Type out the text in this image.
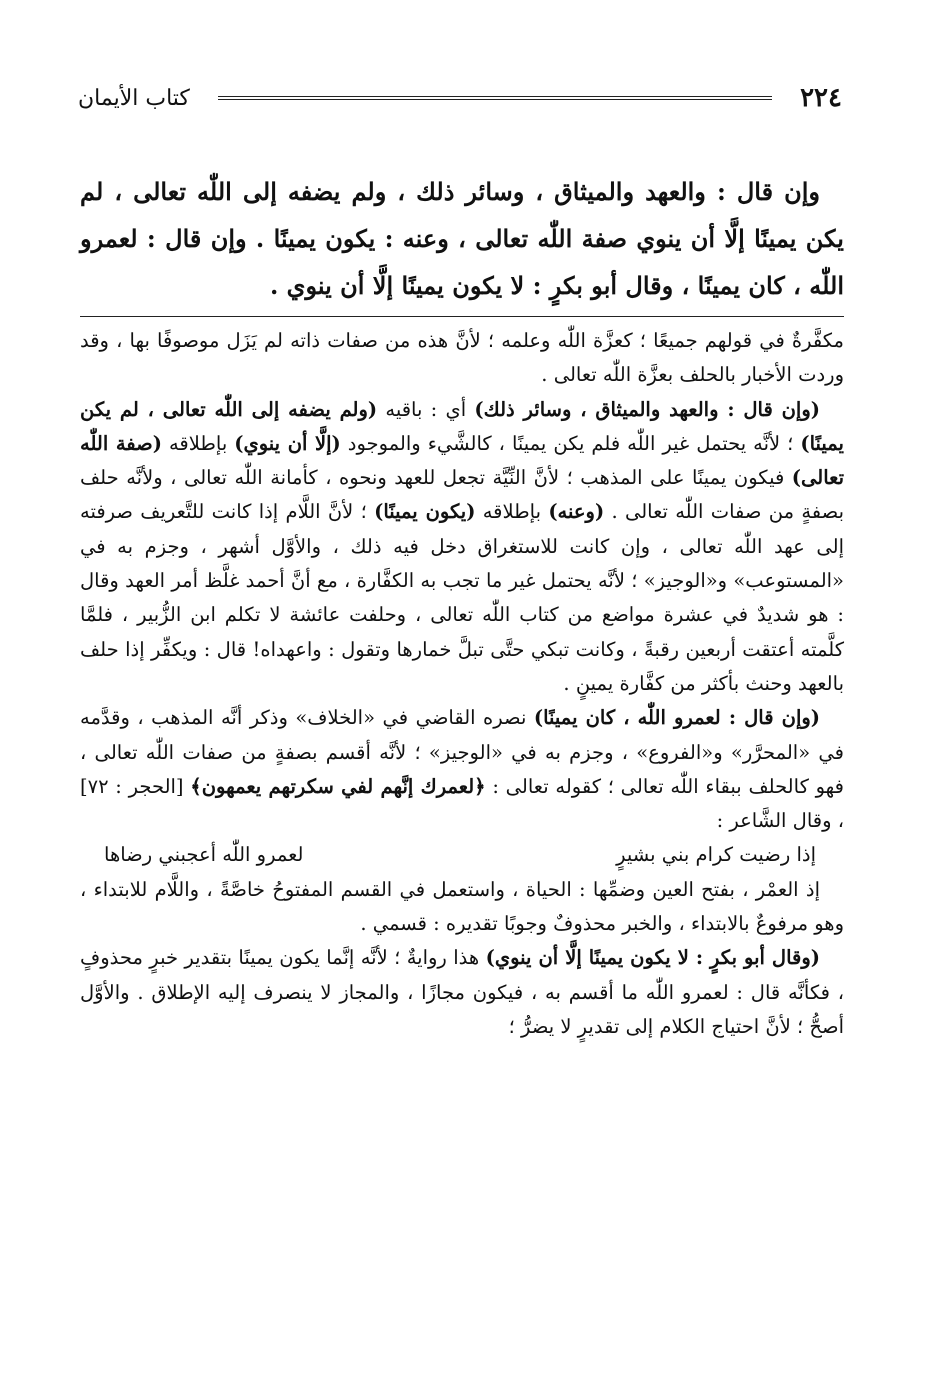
٢٢٤
كتاب الأيمان

وإن قال : والعهد والميثاق ، وسائر ذلك ، ولم يضفه إلى اللّٰه تعالى ، لم يكن يمينًا إلَّا أن ينوي صفة اللّٰه تعالى ، وعنه : يكون يمينًا . وإن قال : لعمرو اللّٰه ، كان يمينًا ، وقال أبو بكرٍ : لا يكون يمينًا إلَّا أن ينوي .

مكفَّرةٌ في قولهم جميعًا ؛ كعزَّة اللّٰه وعلمه ؛ لأنَّ هذه من صفات ذاته لم يَزَل موصوفًا بها ، وقد وردت الأخبار بالحلف بعزَّة اللّٰه تعالى .

(وإن قال : والعهد والميثاق ، وسائر ذلك) أي : باقيه (ولم يضفه إلى اللّٰه تعالى ، لم يكن يمينًا) ؛ لأنَّه يحتمل غير اللّٰه فلم يكن يمينًا ، كالشَّيء والموجود (إلَّا أن ينوي) بإطلاقه (صفة اللّٰه تعالى) فيكون يمينًا على المذهب ؛ لأنَّ النِّيَّة تجعل للعهد ونحوه ، كأمانة اللّٰه تعالى ، ولأنَّه حلف بصفةٍ من صفات اللّٰه تعالى . (وعنه) بإطلاقه (يكون يمينًا) ؛ لأنَّ اللَّام إذا كانت للتَّعريف صرفته إلى عهد اللّٰه تعالى ، وإن كانت للاستغراق دخل فيه ذلك ، والأوَّل أشهر ، وجزم به في «المستوعب» و«الوجيز» ؛ لأنَّه يحتمل غير ما تجب به الكفَّارة ، مع أنَّ أحمد غلَّظ أمر العهد وقال : هو شديدٌ في عشرة مواضع من كتاب اللّٰه تعالى ، وحلفت عائشة لا تكلم ابن الزُّبير ، فلمَّا كلَّمته أعتقت أربعين رقبةً ، وكانت تبكي حتَّى تبلَّ خمارها وتقول : واعهداه! قال : ويكفِّر إذا حلف بالعهد وحنث بأكثر من كفَّارة يمينٍ .

(وإن قال : لعمرو اللّٰه ، كان يمينًا) نصره القاضي في «الخلاف» وذكر أنَّه المذهب ، وقدَّمه في «المحرَّر» و«الفروع» ، وجزم به في «الوجيز» ؛ لأنَّه أقسم بصفةٍ من صفات اللّٰه تعالى ، فهو كالحلف ببقاء اللّٰه تعالى ؛ كقوله تعالى : ﴿لعمرك إنَّهم لفي سكرتهم يعمهون﴾ [الحجر : ٧٢] ، وقال الشَّاعر :

إذا رضيت كرام بني بشيرٍ
لعمرو اللّٰه أعجبني رضاها

إذ العمْر ، بفتح العين وضمِّها : الحياة ، واستعمل في القسم المفتوحُ خاصَّةً ، واللَّام للابتداء ، وهو مرفوعٌ بالابتداء ، والخبر محذوفٌ وجوبًا تقديره : قسمي .

(وقال أبو بكرٍ : لا يكون يمينًا إلَّا أن ينوي) هذا روايةٌ ؛ لأنَّه إنَّما يكون يمينًا بتقدير خبرٍ محذوفٍ ، فكأنَّه قال : لعمرو اللّٰه ما أقسم به ، فيكون مجازًا ، والمجاز لا ينصرف إليه الإطلاق . والأوَّل أصحُّ ؛ لأنَّ احتياج الكلام إلى تقديرٍ لا يضرُّ ؛
